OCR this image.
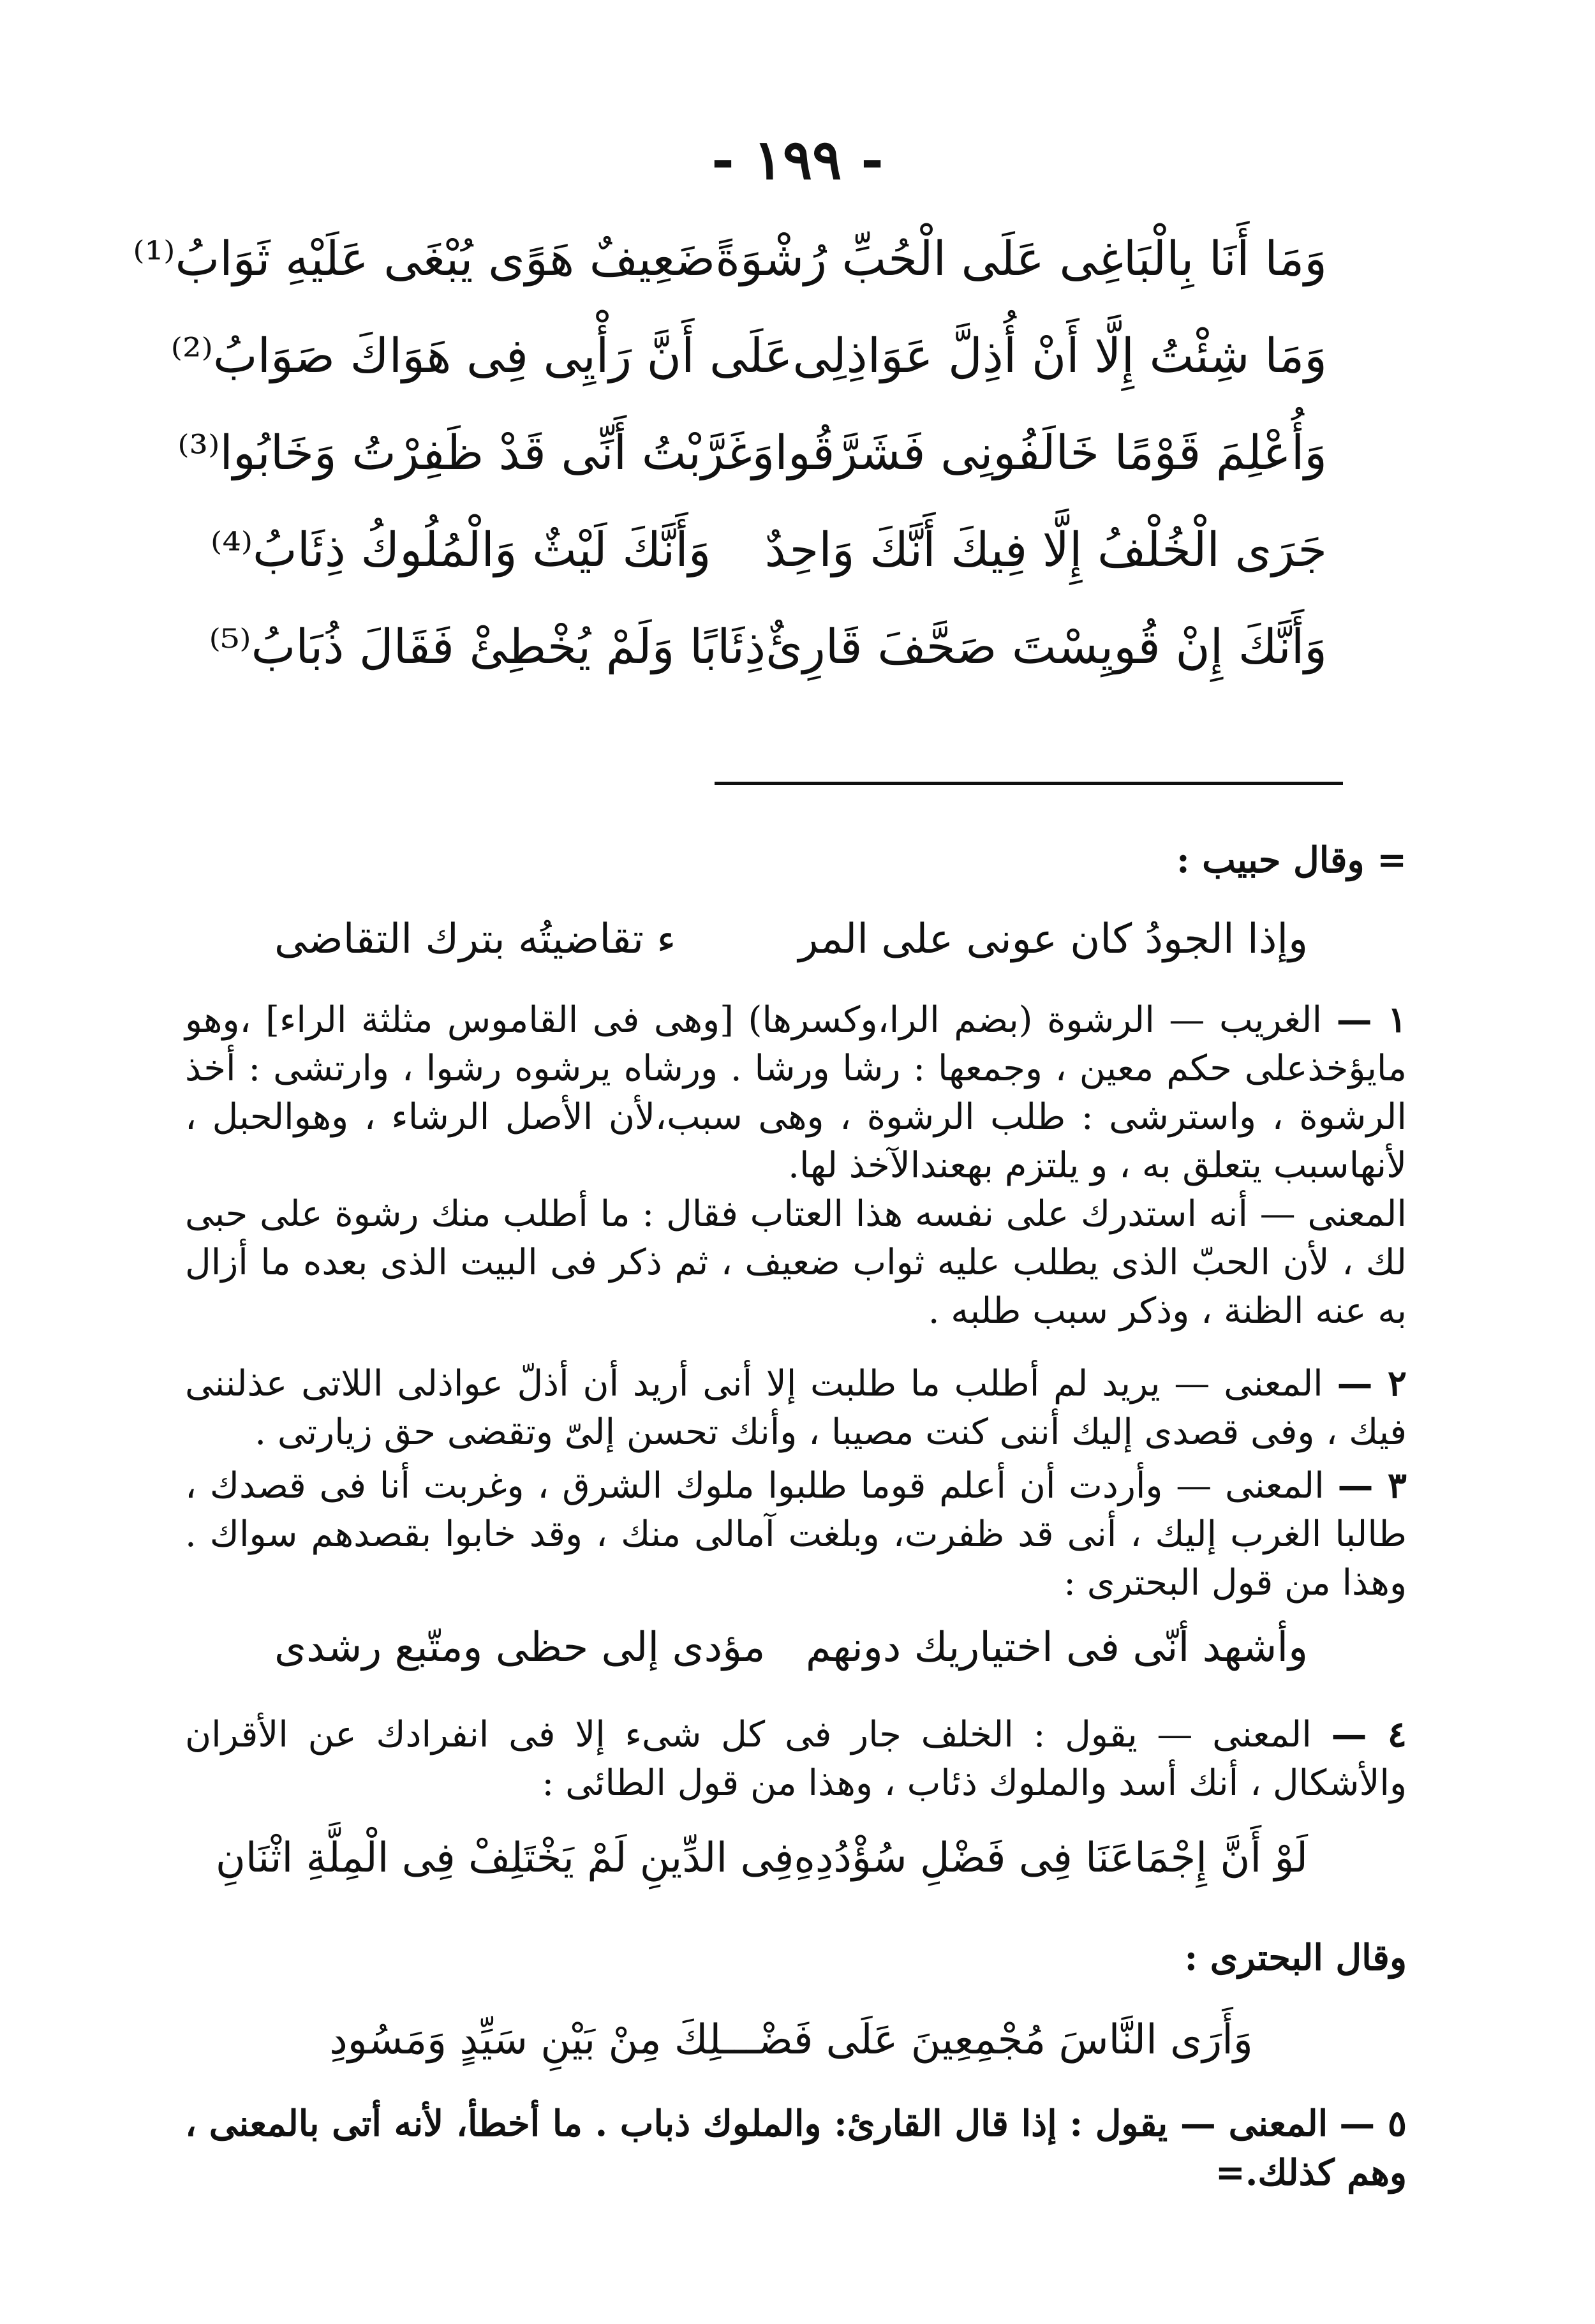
- ١٩٩ -
وَمَا أَنَا بِالْبَاغِى عَلَى الْحُبِّ رُشْوَةً
ضَعِيفٌ هَوًى يُبْغَى عَلَيْهِ ثَوَابُ⁽¹⁾
وَمَا شِئْتُ إِلَّا أَنْ أُذِلَّ عَوَاذِلِى
عَلَى أَنَّ رَأْيِى فِى هَوَاكَ صَوَابُ⁽²⁾
وَأُعْلِمَ قَوْمًا خَالَفُونِى فَشَرَّقُوا
وَغَرَّبْتُ أَنِّى قَدْ ظَفِرْتُ وَخَابُوا⁽³⁾
جَرَى الْخُلْفُ إِلَّا فِيكَ أَنَّكَ وَاحِدٌ
وَأَنَّكَ لَيْثٌ وَالْمُلُوكُ ذِئَابُ⁽⁴⁾
وَأَنَّكَ إِنْ قُويِسْتَ صَحَّفَ قَارِئٌ
ذِئَابًا وَلَمْ يُخْطِئْ فَقَالَ ذُبَابُ⁽⁵⁾

= وقال حبيب :

وإذا الجودُ كان عونى على المر
ء تقاضيتُه بترك التقاضى

١ — الغريب — الرشوة (بضم الرا،وكسرها) [وهى فى القاموس مثلثة الراء] ،وهو مايؤخذعلى حكم معين ، وجمعها : رشا ورشا . ورشاه يرشوه رشوا ، وارتشى : أخذ الرشوة ، واسترشى : طلب الرشوة ، وهى سبب،لأن الأصل الرشاء ، وهوالحبل ، لأنهاسبب يتعلق به ، و يلتزم بهعندالآخذ لها.

المعنى — أنه استدرك على نفسه هذا العتاب فقال : ما أطلب منك رشوة على حبى لك ، لأن الحبّ الذى يطلب عليه ثواب ضعيف ، ثم ذكر فى البيت الذى بعده ما أزال به عنه الظنة ، وذكر سبب طلبه .

٢ — المعنى — يريد لم أطلب ما طلبت إلا أنى أريد أن أذلّ عواذلى اللاتى عذلننى فيك ، وفى قصدى إليك أننى كنت مصيبا ، وأنك تحسن إلىّ وتقضى حق زيارتى .

٣ — المعنى — وأردت أن أعلم قوما طلبوا ملوك الشرق ، وغربت أنا فى قصدك ، طالبا الغرب إليك ، أنى قد ظفرت، وبلغت آمالى منك ، وقد خابوا بقصدهم سواك . وهذا من قول البحترى :

وأشهد أنّى فى اختياريك دونهم
مؤدى إلى حظى ومتّبع رشدى

٤ — المعنى — يقول : الخلف جار فى كل شىء إلا فى انفرادك عن الأقران والأشكال ، أنك أسد والملوك ذئاب ، وهذا من قول الطائى :

لَوْ أَنَّ إِجْمَاعَنَا فِى فَضْلِ سُؤْدُدِهِ
فِى الدِّينِ لَمْ يَخْتَلِفْ فِى الْمِلَّةِ اثْنَانِ

وقال البحترى :

وَأَرَى النَّاسَ مُجْمِعِينَ عَلَى فَضْـــلِكَ مِنْ بَيْنِ سَيِّدٍ وَمَسُودِ

٥ — المعنى — يقول : إذا قال القارئ: والملوك ذباب . ما أخطأ، لأنه أتى بالمعنى ، وهم كذلك.=
